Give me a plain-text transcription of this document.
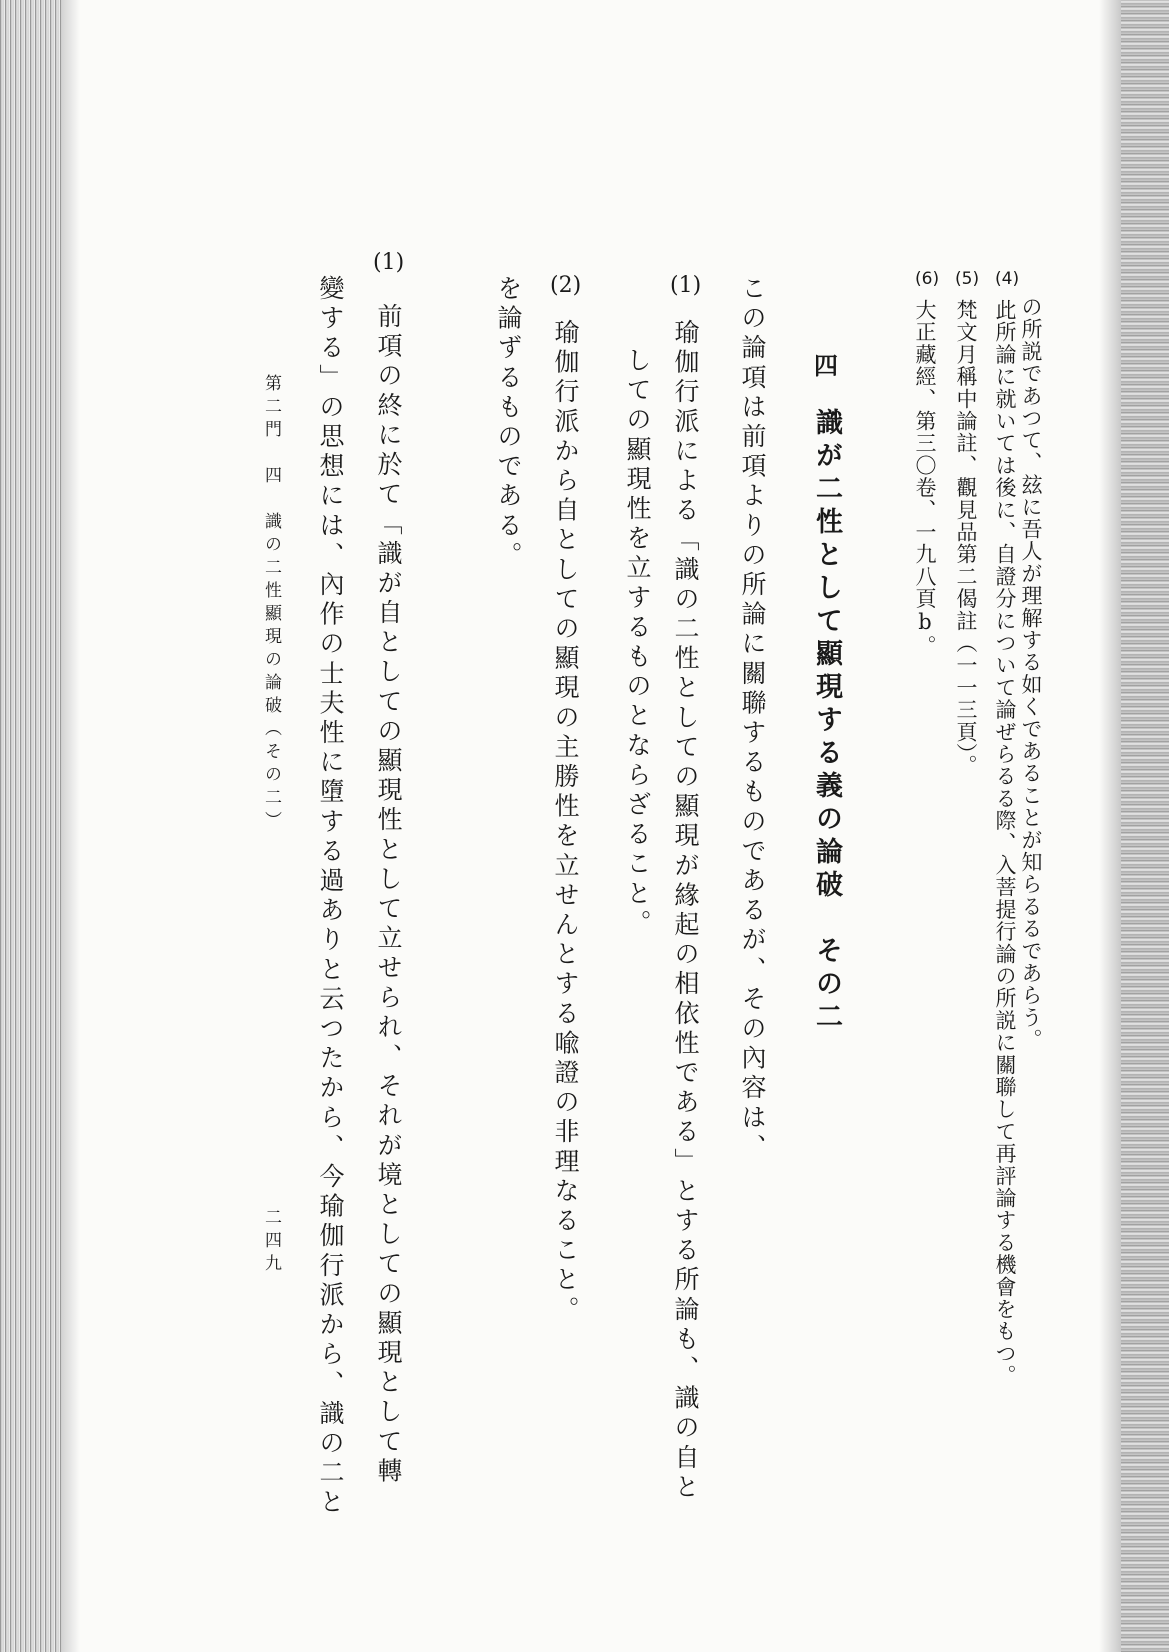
の所説であつて、玆に吾人が理解する如くであることが知らるるであらう。
(4)
此所論に就いては後に、自證分について論ぜらるる際、入菩提行論の所説に關聯して再評論する機會をもつ。
(5)
梵文月稱中論註、觀見品第二偈註（一一三頁）。
(6)
大正藏經、第三〇卷、一九八頁b。
四
識が二性として顯現する義の論破　その二
この論項は前項よりの所論に關聯するものであるが、その內容は、
(1)
瑜伽行派による「識の二性としての顯現が緣起の相依性である」とする所論も、識の自と
しての顯現性を立するものとならざること。
(2)
瑜伽行派から自としての顯現の主勝性を立せんとする喩證の非理なること。
を論ずるものである。
(1)
前項の終に於て「識が自としての顯現性として立せられ、それが境としての顯現として轉
變する」の思想には、內作の士夫性に墮する過ありと云つたから、今瑜伽行派から、識の二と
第二門　四　識の二性顯現の論破（その二）
二四九
